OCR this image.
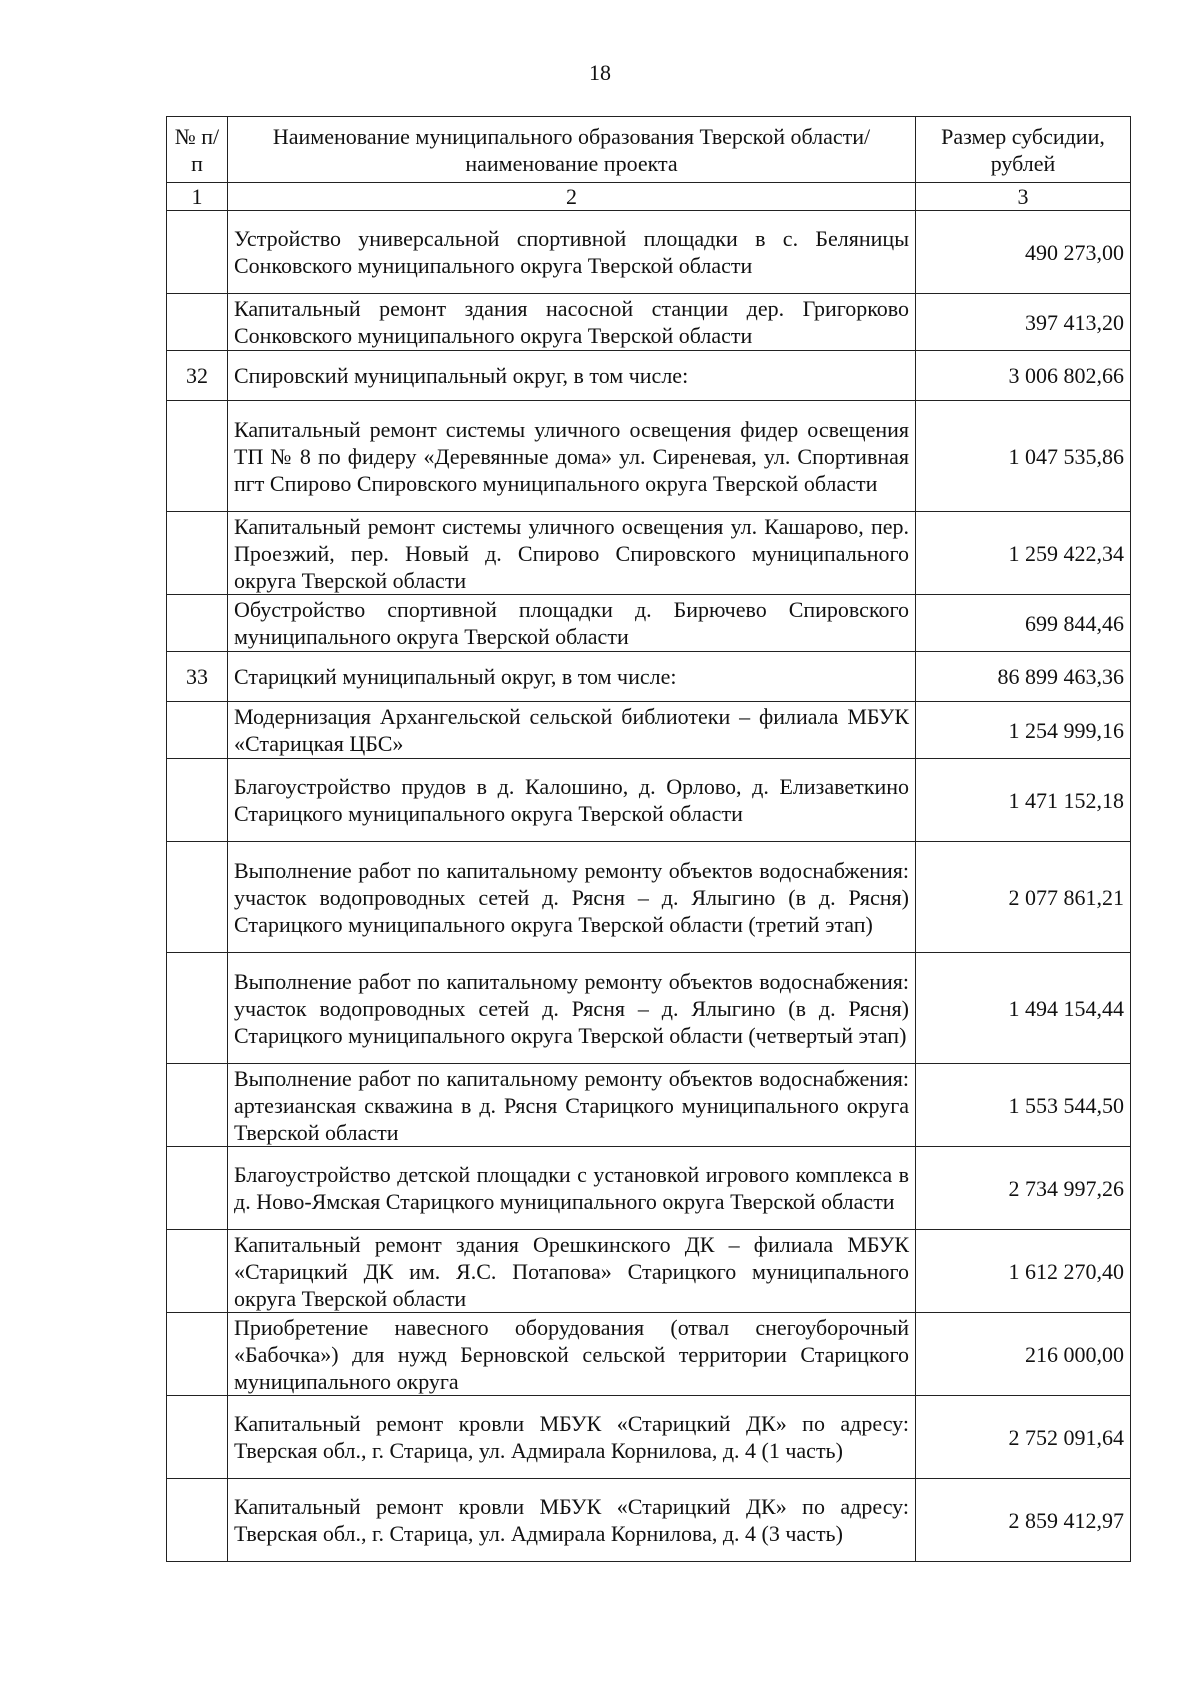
18
№ п/п	Наименование муниципального образования Тверской области/наименование проекта	Размер субсидии, рублей
1	2	3
	Устройство универсальной спортивной площадки в с. Беляницы Сонковского муниципального округа Тверской области	490 273,00
	Капитальный ремонт здания насосной станции дер. Григорково Сонковского муниципального округа Тверской области	397 413,20
32	Спировский муниципальный округ, в том числе:	3 006 802,66
	Капитальный ремонт системы уличного освещения фидер освещения ТП № 8 по фидеру «Деревянные дома» ул. Сиреневая, ул. Спортивная пгт Спирово Спировского муниципального округа Тверской области	1 047 535,86
	Капитальный ремонт системы уличного освещения ул. Кашарово, пер. Проезжий, пер. Новый д. Спирово Спировского муниципального округа Тверской области	1 259 422,34
	Обустройство спортивной площадки д. Бирючево Спировского муниципального округа Тверской области	699 844,46
33	Старицкий муниципальный округ, в том числе:	86 899 463,36
	Модернизация Архангельской сельской библиотеки – филиала МБУК «Старицкая ЦБС»	1 254 999,16
	Благоустройство прудов в д. Калошино, д. Орлово, д. Елизаветкино Старицкого муниципального округа Тверской области	1 471 152,18
	Выполнение работ по капитальному ремонту объектов водоснабжения: участок водопроводных сетей д. Рясня – д. Ялыгино (в д. Рясня) Старицкого муниципального округа Тверской области (третий этап)	2 077 861,21
	Выполнение работ по капитальному ремонту объектов водоснабжения: участок водопроводных сетей д. Рясня – д. Ялыгино (в д. Рясня) Старицкого муниципального округа Тверской области (четвертый этап)	1 494 154,44
	Выполнение работ по капитальному ремонту объектов водоснабжения: артезианская скважина в д. Рясня Старицкого муниципального округа Тверской области	1 553 544,50
	Благоустройство детской площадки с установкой игрового комплекса в д. Ново-Ямская Старицкого муниципального округа Тверской области	2 734 997,26
	Капитальный ремонт здания Орешкинского ДК – филиала МБУК «Старицкий ДК им. Я.С. Потапова» Старицкого муниципального округа Тверской области	1 612 270,40
	Приобретение навесного оборудования (отвал снегоуборочный «Бабочка») для нужд Берновской сельской территории Старицкого муниципального округа	216 000,00
	Капитальный ремонт кровли МБУК «Старицкий ДК» по адресу: Тверская обл., г. Старица, ул. Адмирала Корнилова, д. 4 (1 часть)	2 752 091,64
	Капитальный ремонт кровли МБУК «Старицкий ДК» по адресу: Тверская обл., г. Старица, ул. Адмирала Корнилова, д. 4 (3 часть)	2 859 412,97
